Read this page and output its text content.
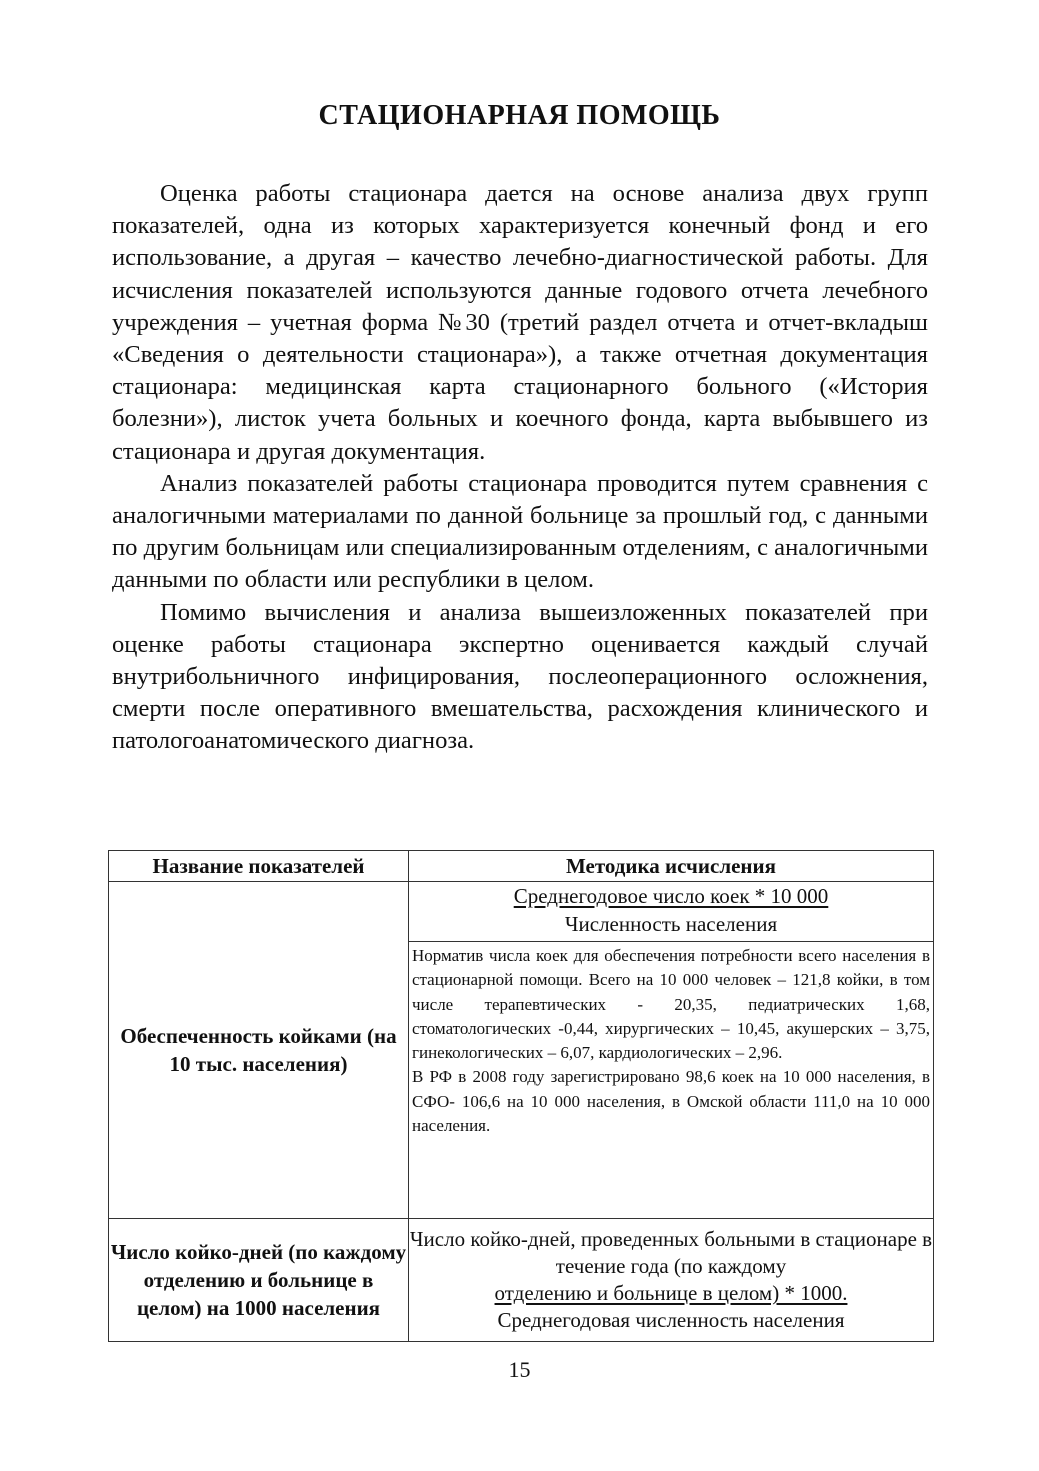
СТАЦИОНАРНАЯ ПОМОЩЬ

Оценка работы стационара дается на основе анализа двух групп показателей, одна из которых характеризуется конечный фонд и его использование, а другая – качество лечебно-диагностической работы. Для исчисления показателей используются данные годового отчета лечебного учреждения – учетная форма №30 (третий раздел отчета и отчет-вкладыш «Сведения о деятельности стационара»), а также отчетная документация стационара: медицинская карта стационарного больного («История болезни»), листок учета больных и коечного фонда, карта выбывшего из стационара и другая документация.

Анализ показателей работы стационара проводится путем сравнения с аналогичными материалами по данной больнице за прошлый год, с данными по другим больницам или специализированным отделениям, с аналогичными данными по области или республики в целом.

Помимо вычисления и анализа вышеизложенных показателей при оценке работы стационара экспертно оценивается каждый случай внутрибольничного инфицирования, послеоперационного осложнения, смерти после оперативного вмешательства, расхождения клинического и патологоанатомического диагноза.

Название показателей	Методика исчисления
Обеспеченность койками (на 10 тыс. населения)	Среднегодовое число коек * 10 000
Численность населения
Норматив числа коек для обеспечения потребности всего населения в стационарной помощи. Всего на 10 000 человек – 121,8 койки, в том числе терапевтических - 20,35, педиатрических 1,68, стоматологических -0,44, хирургических – 10,45, акушерских – 3,75, гинекологических – 6,07, кардиологических – 2,96.
В РФ в 2008 году зарегистрировано 98,6 коек на 10 000 населения, в СФО- 106,6 на 10 000 населения, в Омской области 111,0 на 10 000 населения.

Число койко-дней (по каждому отделению и больнице в целом) на 1000 населения	Число койко-дней, проведенных больными в стационаре в течение года (по каждому
отделению и больнице в целом) * 1000.
Среднегодовая численность населения
15
